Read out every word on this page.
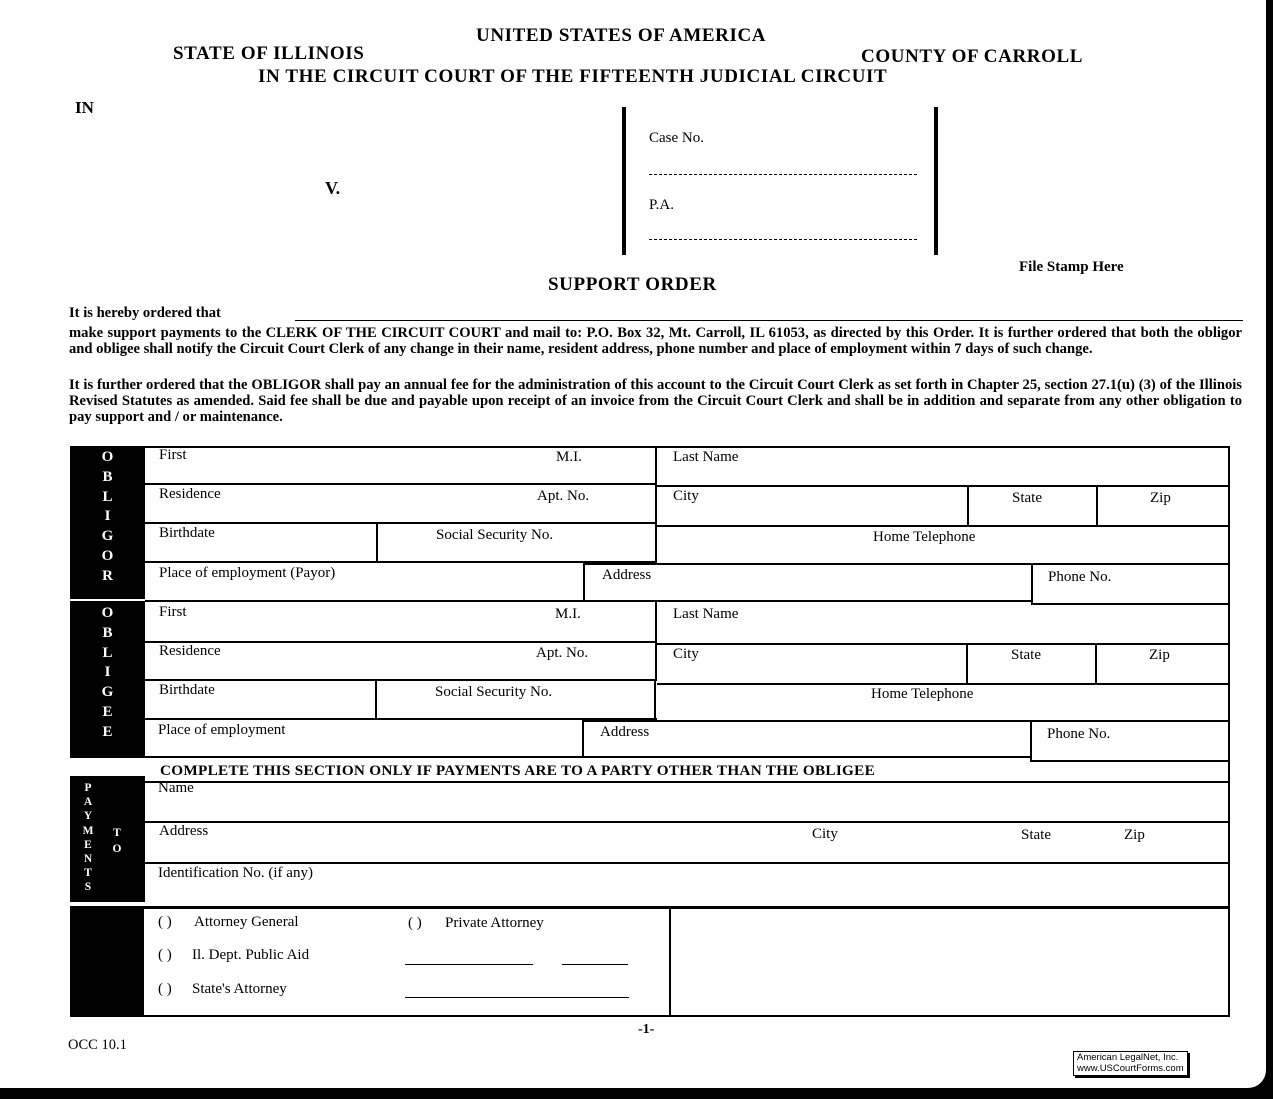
UNITED STATES OF AMERICA
STATE OF ILLINOIS	COUNTY OF CARROLL
IN THE CIRCUIT COURT OF THE FIFTEENTH JUDICIAL CIRCUIT
IN
V.
Case No.
P.A.
File Stamp Here
SUPPORT ORDER
It is hereby ordered that
make support payments to the CLERK OF THE CIRCUIT COURT and mail to: P.O. Box 32, Mt. Carroll, IL 61053, as directed by this Order. It is further ordered that both the obligor and obligee shall notify the Circuit Court Clerk of any change in their name, resident address, phone number and place of employment within 7 days of such change.
It is further ordered that the OBLIGOR shall pay an annual fee for the administration of this account to the Circuit Court Clerk as set forth in Chapter 25, section 27.1(u) (3) of the Illinois Revised Statutes as amended. Said fee shall be due and payable upon receipt of an invoice from the Circuit Court Clerk and shall be in addition and separate from any other obligation to pay support and / or maintenance.
O
B
L
I
G
O
R
First	M.I.	Last Name
Residence	Apt. No.	City	State	Zip
Birthdate	Social Security No.	Home Telephone
Place of employment (Payor)	Address	Phone No.
O
B
L
I
G
E
E
First	M.I.	Last Name
Residence	Apt. No.	City	State	Zip
Birthdate	Social Security No.	Home Telephone
Place of employment	Address	Phone No.
COMPLETE THIS SECTION ONLY IF PAYMENTS ARE TO A PARTY OTHER THAN THE OBLIGEE
P
A
Y
M
E
N
T
S
T
O
Name
Address	City	State	Zip
Identification No. (if any)
( ) Attorney General	( ) Private Attorney
( ) Il. Dept. Public Aid
( ) State's Attorney
-1-
OCC 10.1
American LegalNet, Inc.
www.USCourtForms.com
